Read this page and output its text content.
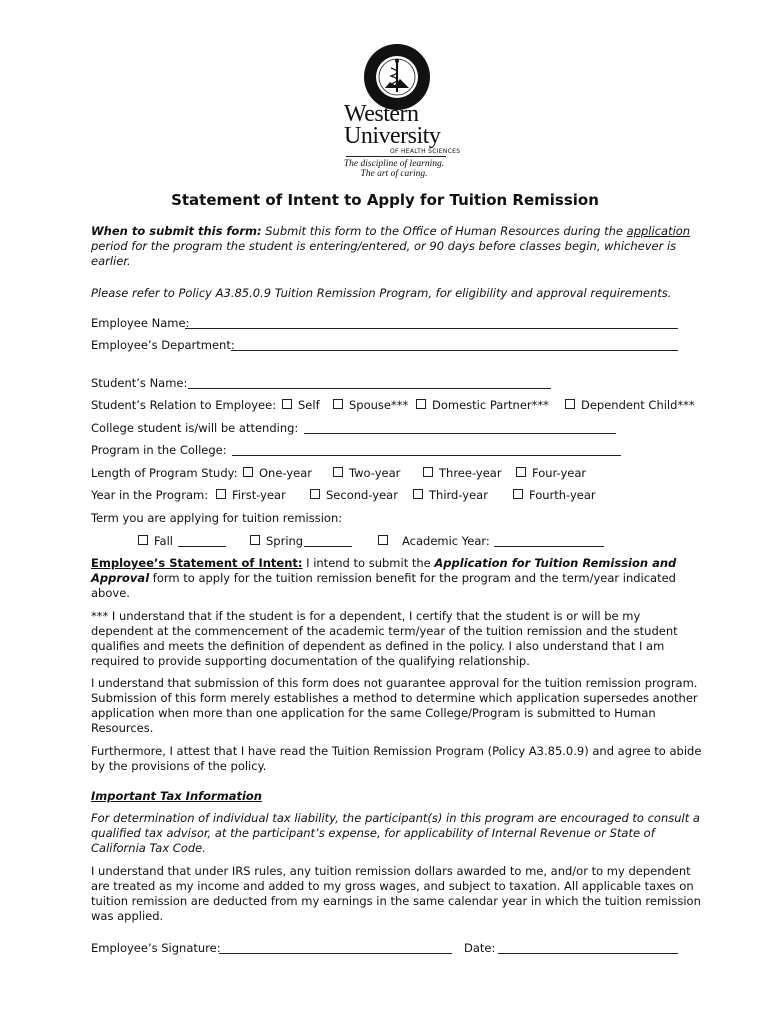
Western
University
OF HEALTH SCIENCES
The discipline of learning.
The art of caring.
Statement of Intent to Apply for Tuition Remission
When to submit this form: Submit this form to the Office of Human Resources during the application period for the program the student is entering/entered, or 90 days before classes begin, whichever is earlier.
Please refer to Policy A3.85.0.9 Tuition Remission Program, for eligibility and approval requirements.
Employee Name:
Employee’s Department:
Student’s Name:
Student’s Relation to Employee:	Self	Spouse***	Domestic Partner***	Dependent Child***
College student is/will be attending:
Program in the College:
Length of Program Study:	One-year	Two-year	Three-year	Four-year
Year in the Program:	First-year	Second-year	Third-year	Fourth-year
Term you are applying for tuition remission:
Fall	Spring	Academic Year:
Employee’s Statement of Intent: I intend to submit the Application for Tuition Remission and Approval form to apply for the tuition remission benefit for the program and the term/year indicated above.
*** I understand that if the student is for a dependent, I certify that the student is or will be my dependent at the commencement of the academic term/year of the tuition remission and the student qualifies and meets the definition of dependent as defined in the policy. I also understand that I am required to provide supporting documentation of the qualifying relationship.
I understand that submission of this form does not guarantee approval for the tuition remission program. Submission of this form merely establishes a method to determine which application supersedes another application when more than one application for the same College/Program is submitted to Human Resources.
Furthermore, I attest that I have read the Tuition Remission Program (Policy A3.85.0.9) and agree to abide by the provisions of the policy.
Important Tax Information
For determination of individual tax liability, the participant(s) in this program are encouraged to consult a qualified tax advisor, at the participant’s expense, for applicability of Internal Revenue or State of California Tax Code.
I understand that under IRS rules, any tuition remission dollars awarded to me, and/or to my dependent are treated as my income and added to my gross wages, and subject to taxation. All applicable taxes on tuition remission are deducted from my earnings in the same calendar year in which the tuition remission was applied.
Employee’s Signature:	Date:
